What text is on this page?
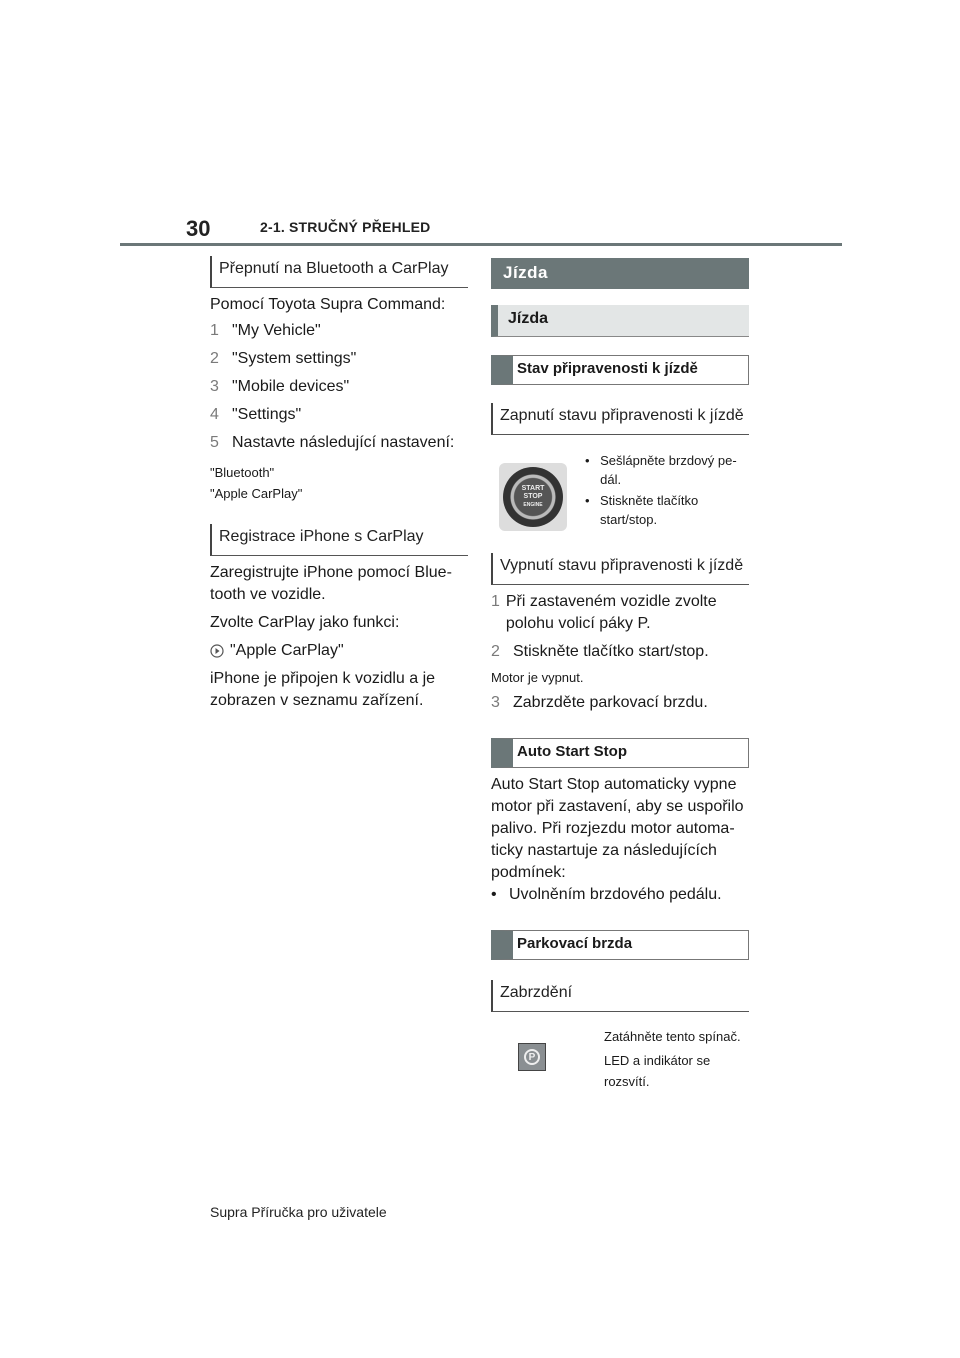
30	2-1. STRUČNÝ PŘEHLED
Přepnutí na Bluetooth a CarPlay

Pomocí Toyota Supra Command:

1 "My Vehicle"
2 "System settings"
3 "Mobile devices"
4 "Settings"
5 Nastavte následující nastavení:

"Bluetooth"

"Apple CarPlay"

Registrace iPhone s CarPlay

Zaregistrujte iPhone pomocí Blue-tooth ve vozidle.

Zvolte CarPlay jako funkci:

"Apple CarPlay"

iPhone je připojen k vozidlu a je zobrazen v seznamu zařízení.

Jízda
Jízda
Stav připravenosti k jízdě
Zapnutí stavu připravenosti k jízdě
START
STOP
ENGINE
• Sešlápněte brzdový pe-dál.
• Stiskněte tlačítko start/stop.
Vypnutí stavu připravenosti k jízdě
1 Při zastaveném vozidle zvolte polohu volicí páky P.
2 Stiskněte tlačítko start/stop.

Motor je vypnut.

3 Zabrzděte parkovací brzdu.
Auto Start Stop

Auto Start Stop automaticky vypne motor při zastavení, aby se uspořilo palivo. Při rozjezdu motor automa-ticky nastartuje za následujících podmínek:

• Uvolněním brzdového pedálu.
Parkovací brzda
Zabrzdění
P

Zatáhněte tento spínač.

LED a indikátor se rozsvítí.

Supra Příručka pro uživatele
